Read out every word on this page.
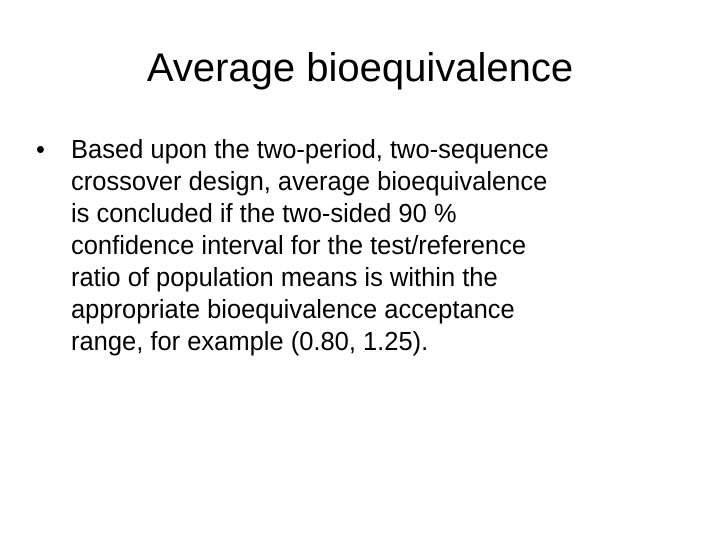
Average bioequivalence
•	Based upon the two-period, two-sequence
crossover design, average bioequivalence
is concluded if the two-sided 90 %
confidence interval for the test/reference
ratio of population means is within the
appropriate bioequivalence acceptance
range, for example (0.80, 1.25).
